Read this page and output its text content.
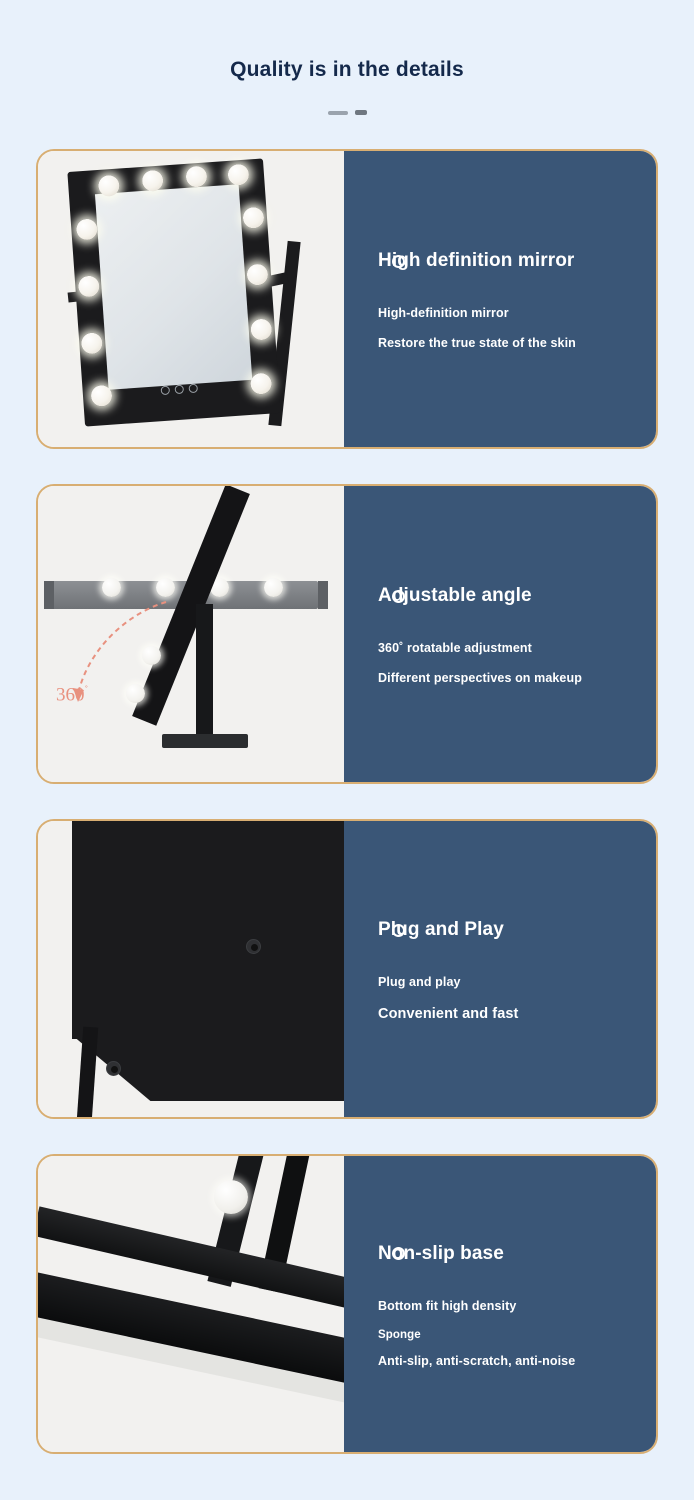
Quality is in the details
High definition mirror
High-definition mirror
Restore the true state of the skin
360˚
Adjustable angle
360˚ rotatable adjustment
Different perspectives on makeup
Plug and Play
Plug and play
Convenient and fast
Non-slip base
Bottom fit high density
Sponge
Anti-slip, anti-scratch, anti-noise
